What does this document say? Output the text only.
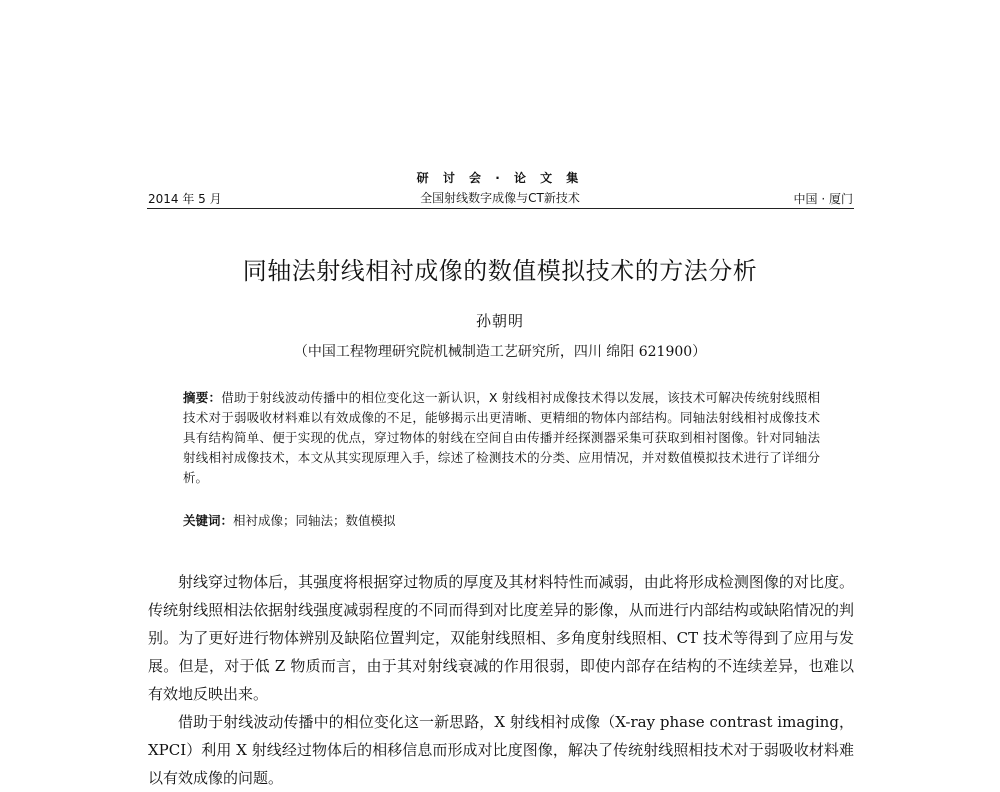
研 讨 会 · 论 文 集
2014 年 5 月	全国射线数字成像与CT新技术	中国 · 厦门
同轴法射线相衬成像的数值模拟技术的方法分析
孙朝明
（中国工程物理研究院机械制造工艺研究所，四川 绵阳 621900）
摘要：借助于射线波动传播中的相位变化这一新认识，X 射线相衬成像技术得以发展，该技术可解决传统射线照相技术对于弱吸收材料难以有效成像的不足，能够揭示出更清晰、更精细的物体内部结构。同轴法射线相衬成像技术具有结构简单、便于实现的优点，穿过物体的射线在空间自由传播并经探测器采集可获取到相衬图像。针对同轴法射线相衬成像技术，本文从其实现原理入手，综述了检测技术的分类、应用情况，并对数值模拟技术进行了详细分析。
关键词：相衬成像；同轴法；数值模拟

射线穿过物体后，其强度将根据穿过物质的厚度及其材料特性而减弱，由此将形成检测图像的对比度。传统射线照相法依据射线强度减弱程度的不同而得到对比度差异的影像，从而进行内部结构或缺陷情况的判别。为了更好进行物体辨别及缺陷位置判定，双能射线照相、多角度射线照相、CT 技术等得到了应用与发展。但是，对于低 Z 物质而言，由于其对射线衰减的作用很弱，即使内部存在结构的不连续差异，也难以有效地反映出来。

借助于射线波动传播中的相位变化这一新思路，X 射线相衬成像（X-ray phase contrast imaging，XPCI）利用 X 射线经过物体后的相移信息而形成对比度图像，解决了传统射线照相技术对于弱吸收材料难以有效成像的问题。
